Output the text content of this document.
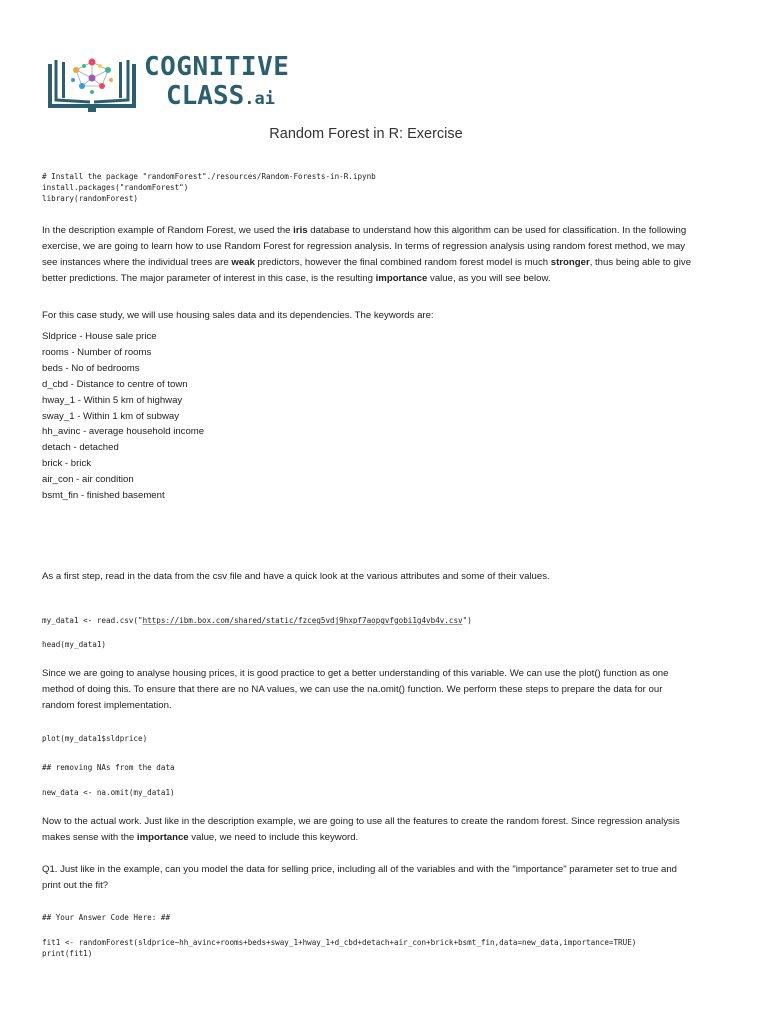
COGNITIVE
CLASS.ai
Random Forest in R: Exercise
# Install the package "randomForest"./resources/Random-Forests-in-R.ipynb
install.packages("randomForest")
library(randomForest)
In the description example of Random Forest, we used the iris database to understand how this algorithm can be used for classification. In the following exercise, we are going to learn how to use Random Forest for regression analysis. In terms of regression analysis using random forest method, we may see instances where the individual trees are weak predictors, however the final combined random forest model is much stronger, thus being able to give better predictions. The major parameter of interest in this case, is the resulting importance value, as you will see below.
For this case study, we will use housing sales data and its dependencies. The keywords are:
Sldprice - House sale price
rooms - Number of rooms
beds - No of bedrooms
d_cbd - Distance to centre of town
hway_1 - Within 5 km of highway
sway_1 - Within 1 km of subway
hh_avinc - average household income
detach - detached
brick - brick
air_con - air condition
bsmt_fin - finished basement
As a first step, read in the data from the csv file and have a quick look at the various attributes and some of their values.
my_data1 <- read.csv("https://ibm.box.com/shared/static/fzceg5vdj9hxpf7aopgvfgobi1g4vb4v.csv")
head(my_data1)
Since we are going to analyse housing prices, it is good practice to get a better understanding of this variable. We can use the plot() function as one method of doing this. To ensure that there are no NA values, we can use the na.omit() function. We perform these steps to prepare the data for our random forest implementation.
plot(my_data1$sldprice)
## removing NAs from the data
new_data <- na.omit(my_data1)
Now to the actual work. Just like in the description example, we are going to use all the features to create the random forest. Since regression analysis makes sense with the importance value, we need to include this keyword.
Q1. Just like in the example, can you model the data for selling price, including all of the variables and with the "importance" parameter set to true and print out the fit?
## Your Answer Code Here: ##
fit1 <- randomForest(sldprice~hh_avinc+rooms+beds+sway_1+hway_1+d_cbd+detach+air_con+brick+bsmt_fin,data=new_data,importance=TRUE)
print(fit1)
